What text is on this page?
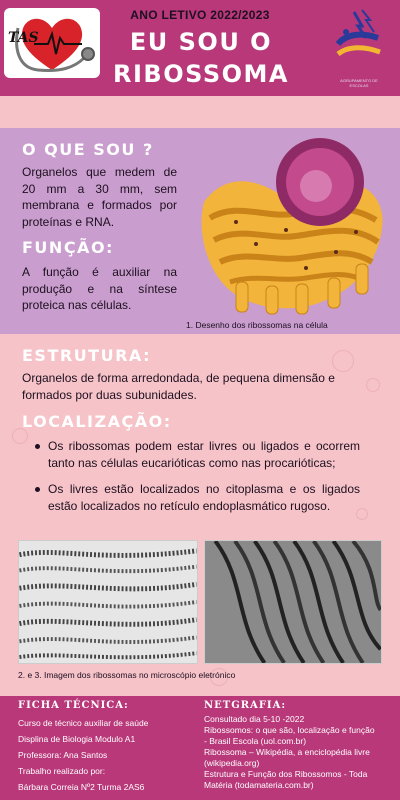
TAS
ANO LETIVO 2022/2023
EU SOU O
RIBOSSOMA	AGRUPAMENTO DE ESCOLAS
O QUE SOU ?
Organelos que medem de 20 mm a 30 mm, sem membrana e formados por proteínas e RNA.
FUNÇÃO:
A função é auxiliar na produção e na síntese proteica nas células.
1. Desenho dos ribossomas na célula
ESTRUTURA:
Organelos de forma arredondada, de pequena dimensão e formados por duas subunidades.
LOCALIZAÇÃO:
Os ribossomas podem estar livres ou ligados e ocorrem tanto nas células eucarióticas como nas procarióticas;
Os livres estão localizados no citoplasma e os ligados estão localizados no retículo endoplasmático rugoso.
2. e 3. Imagem dos ribossomas no microscópio eletrónico
FICHA TÉCNICA:
Curso de técnico auxiliar de saúde
Displina de Biologia Modulo A1
Professora: Ana Santos
Trabalho realizado por:
Bárbara Correia Nº2 Turma 2AS6
NETGRAFIA:
Consultado dia 5-10 -2022
Ribossomos: o que são, localização e função
- Brasil Escola (uol.com.br)
Ribossoma – Wikipédia, a enciclopédia livre
(wikipedia.org)
Estrutura e Função dos Ribossomos - Toda
Matéria (todamateria.com.br)
